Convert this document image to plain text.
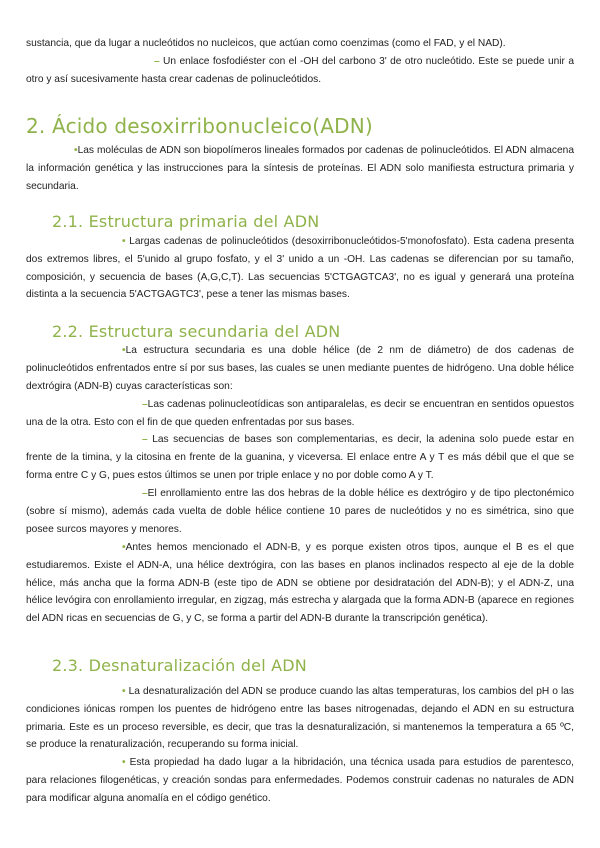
sustancia, que da lugar a nucleótidos no nucleicos, que actúan como coenzimas (como el FAD, y el NAD).

– Un enlace fosfodiéster con el -OH del carbono 3' de otro nucleótido. Este se puede unir a otro y así sucesivamente hasta crear cadenas de polinucleótidos.

2. Ácido desoxirribonucleico(ADN)

•Las moléculas de ADN son biopolímeros lineales formados por cadenas de polinucleótidos. El ADN almacena la información genética y las instrucciones para la síntesis de proteínas. El ADN solo manifiesta estructura primaria y secundaria.

2.1. Estructura primaria del ADN

• Largas cadenas de polinucleótidos (desoxirribonucleótidos-5'monofosfato). Esta cadena presenta dos extremos libres, el 5'unido al grupo fosfato, y el 3' unido a un -OH. Las cadenas se diferencian por su tamaño, composición, y secuencia de bases (A,G,C,T). Las secuencias 5'CTGAGTCA3', no es igual y generará una proteína distinta a la secuencia 5'ACTGAGTC3', pese a tener las mismas bases.

2.2. Estructura secundaria del ADN

•La estructura secundaria es una doble hélice (de 2 nm de diámetro) de dos cadenas de polinucleótidos enfrentados entre sí por sus bases, las cuales se unen mediante puentes de hidrógeno. Una doble hélice dextrógira (ADN-B) cuyas características son:

–Las cadenas polinucleotídicas son antiparalelas, es decir se encuentran en sentidos opuestos una de la otra. Esto con el fin de que queden enfrentadas por sus bases.

– Las secuencias de bases son complementarias, es decir, la adenina solo puede estar en frente de la timina, y la citosina en frente de la guanina, y viceversa. El enlace entre A y T es más débil que el que se forma entre C y G, pues estos últimos se unen por triple enlace y no por doble como A y T.

–El enrollamiento entre las dos hebras de la doble hélice es dextrógiro y de tipo plectonémico (sobre sí mismo), además cada vuelta de doble hélice contiene 10 pares de nucleótidos y no es simétrica, sino que posee surcos mayores y menores.

•Antes hemos mencionado el ADN-B, y es porque existen otros tipos, aunque el B es el que estudiaremos. Existe el ADN-A, una hélice dextrógira, con las bases en planos inclinados respecto al eje de la doble hélice, más ancha que la forma ADN-B (este tipo de ADN se obtiene por desidratación del ADN-B); y el ADN-Z, una hélice levógira con enrollamiento irregular, en zigzag, más estrecha y alargada que la forma ADN-B (aparece en regiones del ADN ricas en secuencias de G, y C, se forma a partir del ADN-B durante la transcripción genética).

2.3. Desnaturalización del ADN

• La desnaturalización del ADN se produce cuando las altas temperaturas, los cambios del pH o las condiciones iónicas rompen los puentes de hidrógeno entre las bases nitrogenadas, dejando el ADN en su estructura primaria. Este es un proceso reversible, es decir, que tras la desnaturalización, si mantenemos la temperatura a 65 ºC, se produce la renaturalización, recuperando su forma inicial.

• Esta propiedad ha dado lugar a la hibridación, una técnica usada para estudios de parentesco, para relaciones filogenéticas, y creación sondas para enfermedades. Podemos construir cadenas no naturales de ADN para modificar alguna anomalía en el código genético.
